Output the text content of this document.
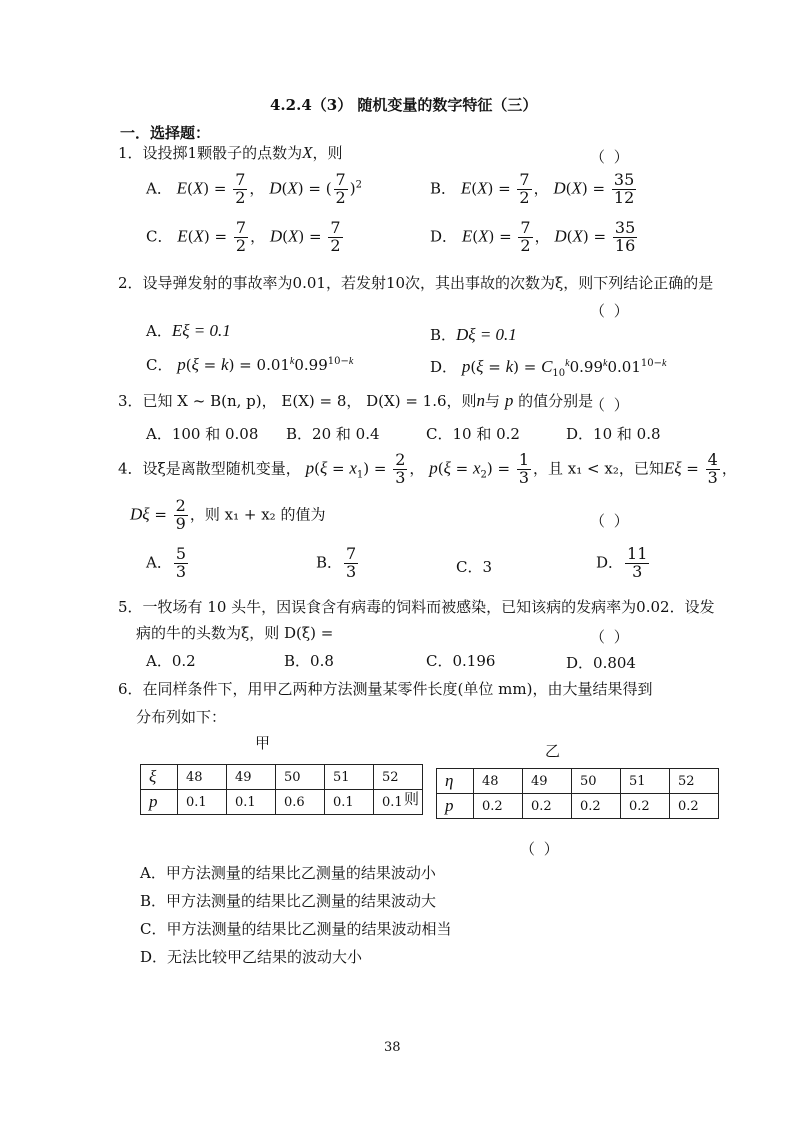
4.2.4（3） 随机变量的数字特征（三）
一．选择题：
1．设投掷1颗骰子的点数为X，则	（ ）
A． $E(X) = \frac{7}{2}$ ， D(X) = ( $\frac{7}{2} )^2$	B． $E(X) = \frac{7}{2}$ ， $D(X) = \frac{35}{12}$
C． $E(X) = \frac{7}{2}$ ， $D(X) = \frac{7}{2}$	D． $E(X) = \frac{7}{2}$ ， $D(X) = \frac{35}{16}$
2．设导弹发射的事故率为0.01，若发射10次，其出事故的次数为ξ，则下列结论正确的是
（ ）
A．Eξ = 0.1	B．Dξ = 0.1
C． $p(\xi = k) = 0.01^k0.99^{10-k}$	D． $p(\xi = k) = C_{10}^k0.99^k0.01^{10-k}$
3．已知 X ~ B(n, p)， E(X) = 8， D(X) = 1.6，则n与 p 的值分别是
（ ）
A．100 和 0.08 B．20 和 0.4	C．10 和 0.2	D．10 和 0.8
4．设ξ是离散型随机变量， $p(\xi = x_1) = \frac{2}{3}$ ， $p(\xi = x_2) = \frac{1}{3}$ ，且 x₁ < x₂，已知$E\xi = \frac{4}{3}$ ，
$D\xi = \frac{2}{9}$ ，则 x₁ + x₂ 的值为	（ ）
A． $\frac{5}{3}$	B． $\frac{7}{3}$	C．3	D． $\frac{11}{3}$
5．一牧场有 10 头牛，因误食含有病毒的饲料而被感染，已知该病的发病率为0.02．设发
病的牛的头数为ξ，则 D(ξ) =	（ ）
A．0.2	B．0.8	C．0.196	D．0.804
6．在同样条件下，用甲乙两种方法测量某零件长度(单位 mm)，由大量结果得到
分布列如下：
甲	乙
ξ	48	49	50	51	52
p	0.1	0.1	0.6	0.1	0.1 则
η	48	49	50	51	52
p	0.2	0.2	0.2	0.2	0.2
（ ）
A．甲方法测量的结果比乙测量的结果波动小
B．甲方法测量的结果比乙测量的结果波动大
C．甲方法测量的结果比乙测量的结果波动相当
D．无法比较甲乙结果的波动大小
38
